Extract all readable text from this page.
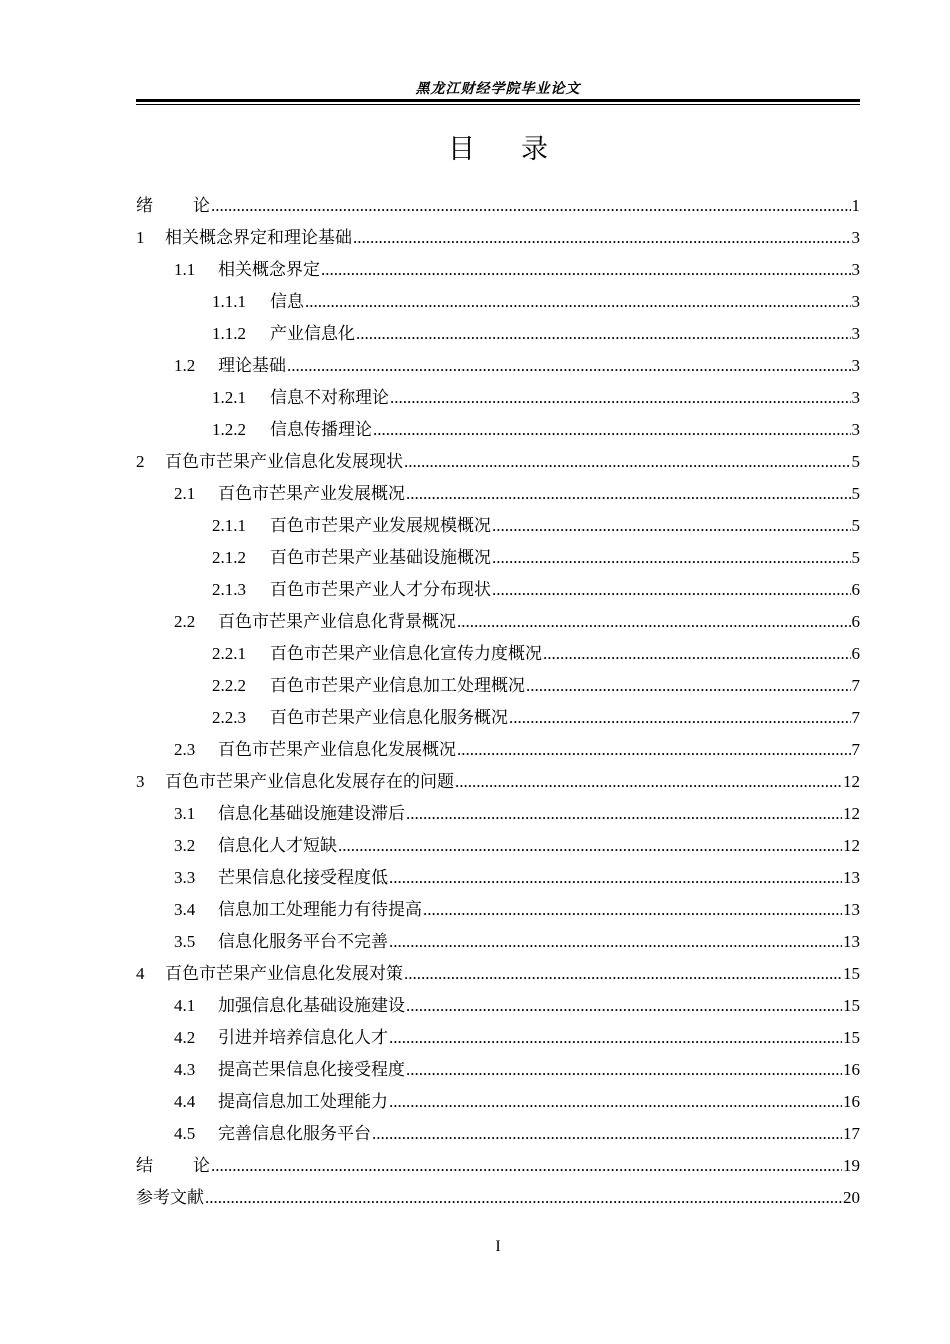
黑龙江财经学院毕业论文
目 录
绪论 .....	1
1	相关概念界定和理论基础 .....	3
1.1	相关概念界定 .....	3
1.1.1	信息 .....	3
1.1.2	产业信息化 .....	3
1.2	理论基础 .....	3
1.2.1	信息不对称理论 .....	3
1.2.2	信息传播理论 .....	3
2	百色市芒果产业信息化发展现状 .....	5
2.1	百色市芒果产业发展概况 .....	5
2.1.1	百色市芒果产业发展规模概况 .....	5
2.1.2	百色市芒果产业基础设施概况 .....	5
2.1.3	百色市芒果产业人才分布现状 .....	6
2.2	百色市芒果产业信息化背景概况 .....	6
2.2.1	百色市芒果产业信息化宣传力度概况 .....	6
2.2.2	百色市芒果产业信息加工处理概况 .....	7
2.2.3	百色市芒果产业信息化服务概况 .....	7
2.3	百色市芒果产业信息化发展概况 .....	7
3	百色市芒果产业信息化发展存在的问题 .....	12
3.1	信息化基础设施建设滞后 .....	12
3.2	信息化人才短缺 .....	12
3.3	芒果信息化接受程度低 .....	13
3.4	信息加工处理能力有待提高 .....	13
3.5	信息化服务平台不完善 .....	13
4	百色市芒果产业信息化发展对策 .....	15
4.1	加强信息化基础设施建设 .....	15
4.2	引进并培养信息化人才 .....	15
4.3	提高芒果信息化接受程度 .....	16
4.4	提高信息加工处理能力 .....	16
4.5	完善信息化服务平台 .....	17
结论 .....	19
参考文献 .....	20
I
